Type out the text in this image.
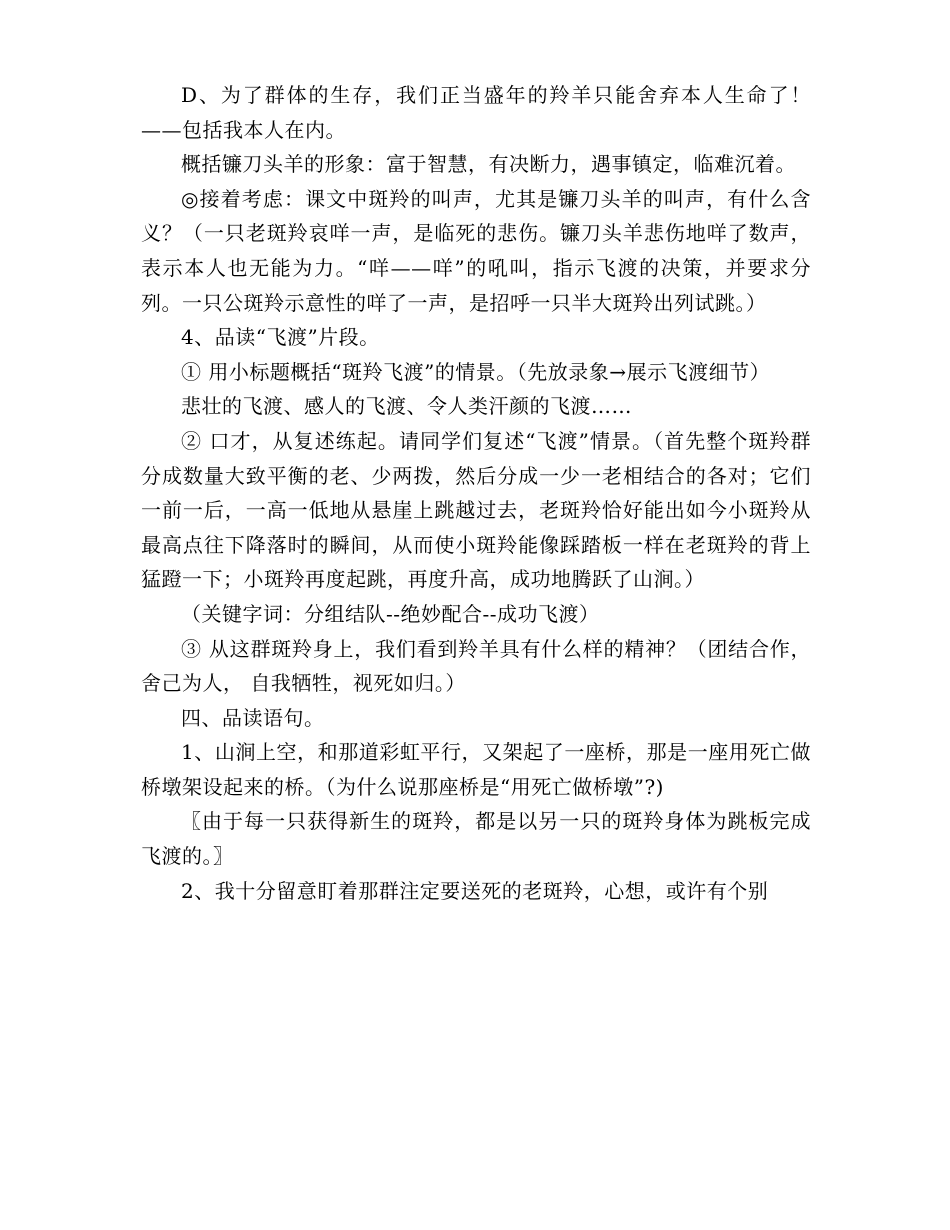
D、为了群体的生存，我们正当盛年的羚羊只能舍弃本人生命了！——包括我本人在内。

概括镰刀头羊的形象：富于智慧，有决断力，遇事镇定，临难沉着。

◎接着考虑：课文中斑羚的叫声，尤其是镰刀头羊的叫声，有什么含义？（一只老斑羚哀咩一声，是临死的悲伤。镰刀头羊悲伤地咩了数声，表示本人也无能为力。“咩——咩”的吼叫，指示飞渡的决策，并要求分列。一只公斑羚示意性的咩了一声，是招呼一只半大斑羚出列试跳。）

4、品读“飞渡”片段。

① 用小标题概括“斑羚飞渡”的情景。（先放录象→展示飞渡细节）

悲壮的飞渡、感人的飞渡、令人类汗颜的飞渡……

② 口才，从复述练起。请同学们复述“飞渡”情景。（首先整个斑羚群分成数量大致平衡的老、少两拨，然后分成一少一老相结合的各对；它们一前一后，一高一低地从悬崖上跳越过去，老斑羚恰好能出如今小斑羚从最高点往下降落时的瞬间，从而使小斑羚能像踩踏板一样在老斑羚的背上猛蹬一下；小斑羚再度起跳，再度升高，成功地腾跃了山涧。）

（关键字词：分组结队--绝妙配合--成功飞渡）

③ 从这群斑羚身上，我们看到羚羊具有什么样的精神？（团结合作，舍己为人， 自我牺牲，视死如归。）

四、品读语句。

1、山涧上空，和那道彩虹平行，又架起了一座桥，那是一座用死亡做桥墩架设起来的桥。（为什么说那座桥是“用死亡做桥墩”?)

〖由于每一只获得新生的斑羚，都是以另一只的斑羚身体为跳板完成飞渡的。〗

2、我十分留意盯着那群注定要送死的老斑羚，心想，或许有个别
